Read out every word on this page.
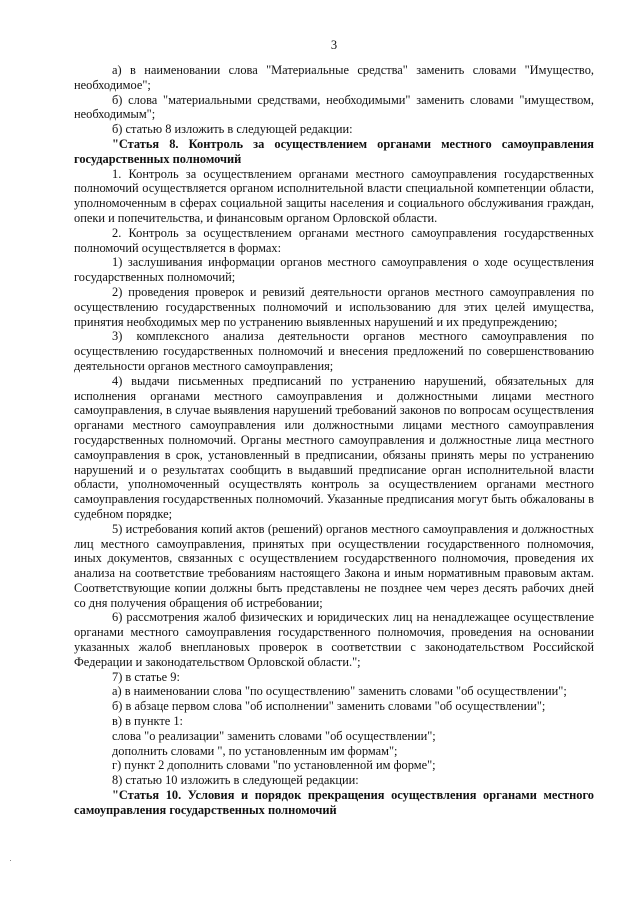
3

а) в наименовании слова "Материальные средства" заменить словами "Имущество, необходимое";

б) слова "материальными средствами, необходимыми" заменить словами "имуществом, необходимым";

б) статью 8 изложить в следующей редакции:

"Статья 8. Контроль за осуществлением органами местного самоуправления государственных полномочий

1. Контроль за осуществлением органами местного самоуправления государственных полномочий осуществляется органом исполнительной власти специальной компетенции области, уполномоченным в сферах социальной защиты населения и социального обслуживания граждан, опеки и попечительства, и финансовым органом Орловской области.

2. Контроль за осуществлением органами местного самоуправления государственных полномочий осуществляется в формах:

1) заслушивания информации органов местного самоуправления о ходе осуществления государственных полномочий;

2) проведения проверок и ревизий деятельности органов местного самоуправления по осуществлению государственных полномочий и использованию для этих целей имущества, принятия необходимых мер по устранению выявленных нарушений и их предупреждению;

3) комплексного анализа деятельности органов местного самоуправления по осуществлению государственных полномочий и внесения предложений по совершенствованию деятельности органов местного самоуправления;

4) выдачи письменных предписаний по устранению нарушений, обязательных для исполнения органами местного самоуправления и должностными лицами местного самоуправления, в случае выявления нарушений требований законов по вопросам осуществления органами местного самоуправления или должностными лицами местного самоуправления государственных полномочий. Органы местного самоуправления и должностные лица местного самоуправления в срок, установленный в предписании, обязаны принять меры по устранению нарушений и о результатах сообщить в выдавший предписание орган исполнительной власти области, уполномоченный осуществлять контроль за осуществлением органами местного самоуправления государственных полномочий. Указанные предписания могут быть обжалованы в судебном порядке;

5) истребования копий актов (решений) органов местного самоуправления и должностных лиц местного самоуправления, принятых при осуществлении государственного полномочия, иных документов, связанных с осуществлением государственного полномочия, проведения их анализа на соответствие требованиям настоящего Закона и иным нормативным правовым актам. Соответствующие копии должны быть представлены не позднее чем через десять рабочих дней со дня получения обращения об истребовании;

6) рассмотрения жалоб физических и юридических лиц на ненадлежащее осуществление органами местного самоуправления государственного полномочия, проведения на основании указанных жалоб внеплановых проверок в соответствии с законодательством Российской Федерации и законодательством Орловской области.";

7) в статье 9:

а) в наименовании слова "по осуществлению" заменить словами "об осуществлении";

б) в абзаце первом слова "об исполнении" заменить словами "об осуществлении";

в) в пункте 1:

слова "о реализации" заменить словами "об осуществлении";

дополнить словами ", по установленным им формам";

г) пункт 2 дополнить словами "по установленной им форме";

8) статью 10 изложить в следующей редакции:

"Статья 10. Условия и порядок прекращения осуществления органами местного самоуправления государственных полномочий
